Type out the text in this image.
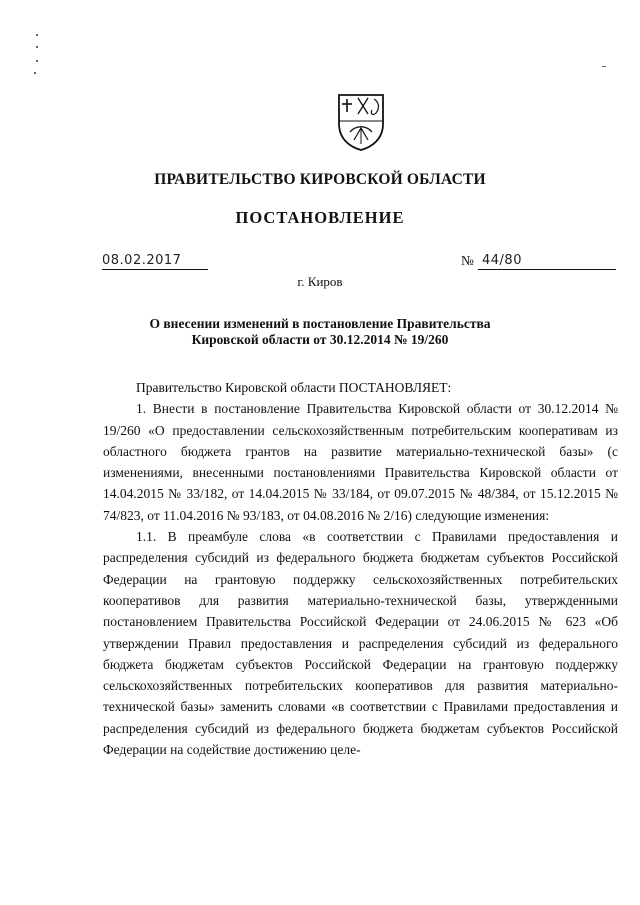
ПРАВИТЕЛЬСТВО КИРОВСКОЙ ОБЛАСТИ
ПОСТАНОВЛЕНИЕ
08.02.2017	№ 44/80
г. Киров
О внесении изменений в постановление Правительства
Кировской области от 30.12.2014 № 19/260

Правительство Кировской области ПОСТАНОВЛЯЕТ:

1. Внести в постановление Правительства Кировской области от 30.12.2014 № 19/260 «О предоставлении сельскохозяйственным потребительским кооперативам из областного бюджета грантов на развитие материально-технической базы» (с изменениями, внесенными постановлениями Правительства Кировской области от 14.04.2015 № 33/182, от 14.04.2015 № 33/184, от 09.07.2015 № 48/384, от 15.12.2015 № 74/823, от 11.04.2016 № 93/183, от 04.08.2016 № 2/16) следующие изменения:

1.1. В преамбуле слова «в соответствии с Правилами предоставления и распределения субсидий из федерального бюджета бюджетам субъектов Российской Федерации на грантовую поддержку сельскохозяйственных потребительских кооперативов для развития материально-технической базы, утвержденными постановлением Правительства Российской Федерации от 24.06.2015 № 623 «Об утверждении Правил предоставления и распределения субсидий из федерального бюджета бюджетам субъектов Российской Федерации на грантовую поддержку сельскохозяйственных потребительских кооперативов для развития материально-технической базы» заменить словами «в соответствии с Правилами предоставления и распределения субсидий из федерального бюджета бюджетам субъектов Российской Федерации на содействие достижению целе-
